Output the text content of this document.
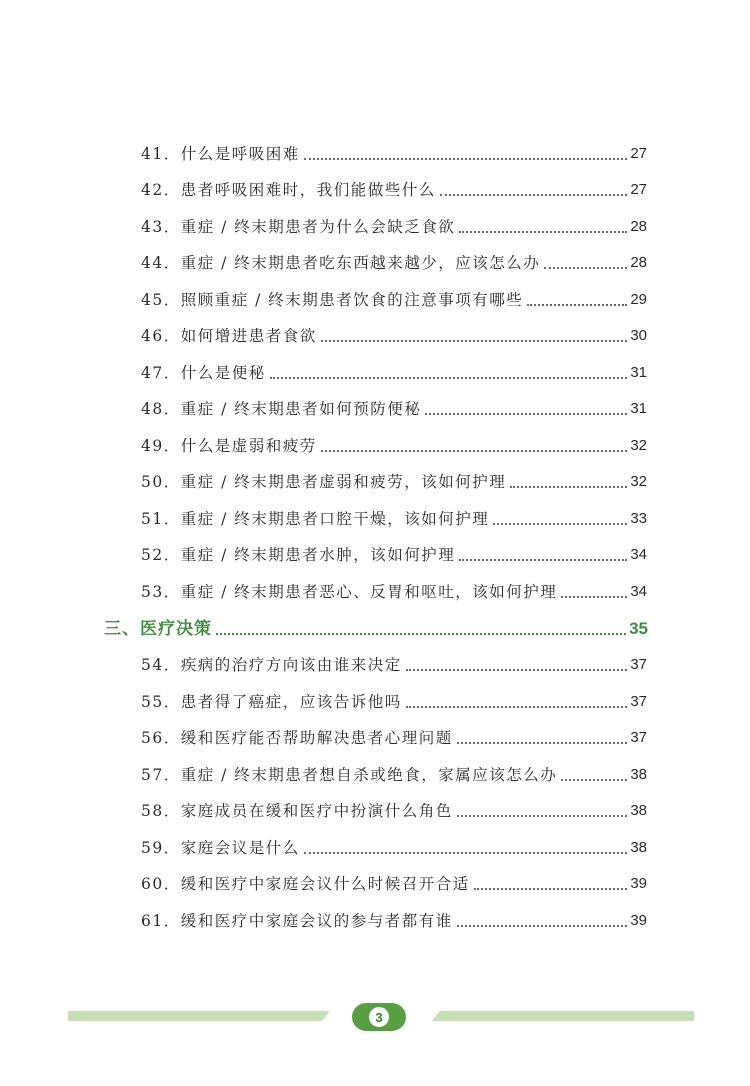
41．什么是呼吸困难	27
42．患者呼吸困难时，我们能做些什么	27
43．重症 / 终末期患者为什么会缺乏食欲	28
44．重症 / 终末期患者吃东西越来越少，应该怎么办	28
45．照顾重症 / 终末期患者饮食的注意事项有哪些	29
46．如何增进患者食欲	30
47．什么是便秘	31
48．重症 / 终末期患者如何预防便秘	31
49．什么是虚弱和疲劳	32
50．重症 / 终末期患者虚弱和疲劳，该如何护理	32
51．重症 / 终末期患者口腔干燥，该如何护理	33
52．重症 / 终末期患者水肿，该如何护理	34
53．重症 / 终末期患者恶心、反胃和呕吐，该如何护理	34
三、医疗决策	35
54．疾病的治疗方向该由谁来决定	37
55．患者得了癌症，应该告诉他吗	37
56．缓和医疗能否帮助解决患者心理问题	37
57．重症 / 终末期患者想自杀或绝食，家属应该怎么办	38
58．家庭成员在缓和医疗中扮演什么角色	38
59．家庭会议是什么	38
60．缓和医疗中家庭会议什么时候召开合适	39
61．缓和医疗中家庭会议的参与者都有谁	39
3
